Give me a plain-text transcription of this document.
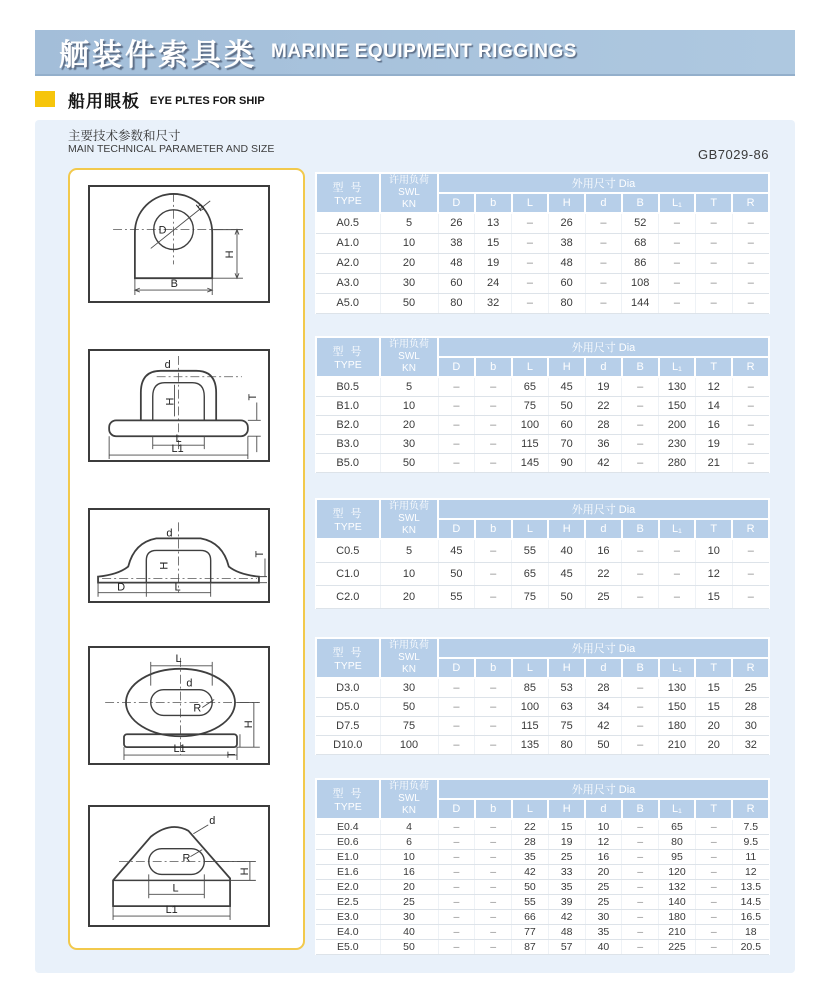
舾装件索具类 MARINE EQUIPMENT RIGGINGS
船用眼板 EYE PLTES FOR SHIP
主要技术参数和尺寸
MAIN TECHNICAL PARAMETER AND SIZE	GB7029-86
D
b
H
B
d
H
T
L
L1
d
H
T
D	L
L
d
R
H
T
L1
d
R
H
L
L1
型 号
TYPE	许用负荷
SWL
KN	外用尺寸 Dia								
		D	b	L	H	d	B	L₁	T	R
A0.5	5	26	13	–	26	–	52	–	–	–
A1.0	10	38	15	–	38	–	68	–	–	–
A2.0	20	48	19	–	48	–	86	–	–	–
A3.0	30	60	24	–	60	–	108	–	–	–
A5.0	50	80	32	–	80	–	144	–	–	–
型 号
TYPE	许用负荷
SWL
KN	外用尺寸 Dia								
		D	b	L	H	d	B	L₁	T	R
B0.5	5	–	–	65	45	19	–	130	12	–
B1.0	10	–	–	75	50	22	–	150	14	–
B2.0	20	–	–	100	60	28	–	200	16	–
B3.0	30	–	–	115	70	36	–	230	19	–
B5.0	50	–	–	145	90	42	–	280	21	–
型 号
TYPE	许用负荷
SWL
KN	外用尺寸 Dia								
		D	b	L	H	d	B	L₁	T	R
C0.5	5	45	–	55	40	16	–	–	10	–
C1.0	10	50	–	65	45	22	–	–	12	–
C2.0	20	55	–	75	50	25	–	–	15	–
型 号
TYPE	许用负荷
SWL
KN	外用尺寸 Dia								
		D	b	L	H	d	B	L₁	T	R
D3.0	30	–	–	85	53	28	–	130	15	25
D5.0	50	–	–	100	63	34	–	150	15	28
D7.5	75	–	–	115	75	42	–	180	20	30
D10.0	100	–	–	135	80	50	–	210	20	32
型 号
TYPE	许用负荷
SWL
KN	外用尺寸 Dia								
		D	b	L	H	d	B	L₁	T	R
E0.4	4	–	–	22	15	10	–	65	–	7.5
E0.6	6	–	–	28	19	12	–	80	–	9.5
E1.0	10	–	–	35	25	16	–	95	–	11
E1.6	16	–	–	42	33	20	–	120	–	12
E2.0	20	–	–	50	35	25	–	132	–	13.5
E2.5	25	–	–	55	39	25	–	140	–	14.5
E3.0	30	–	–	66	42	30	–	180	–	16.5
E4.0	40	–	–	77	48	35	–	210	–	18
E5.0	50	–	–	87	57	40	–	225	–	20.5
